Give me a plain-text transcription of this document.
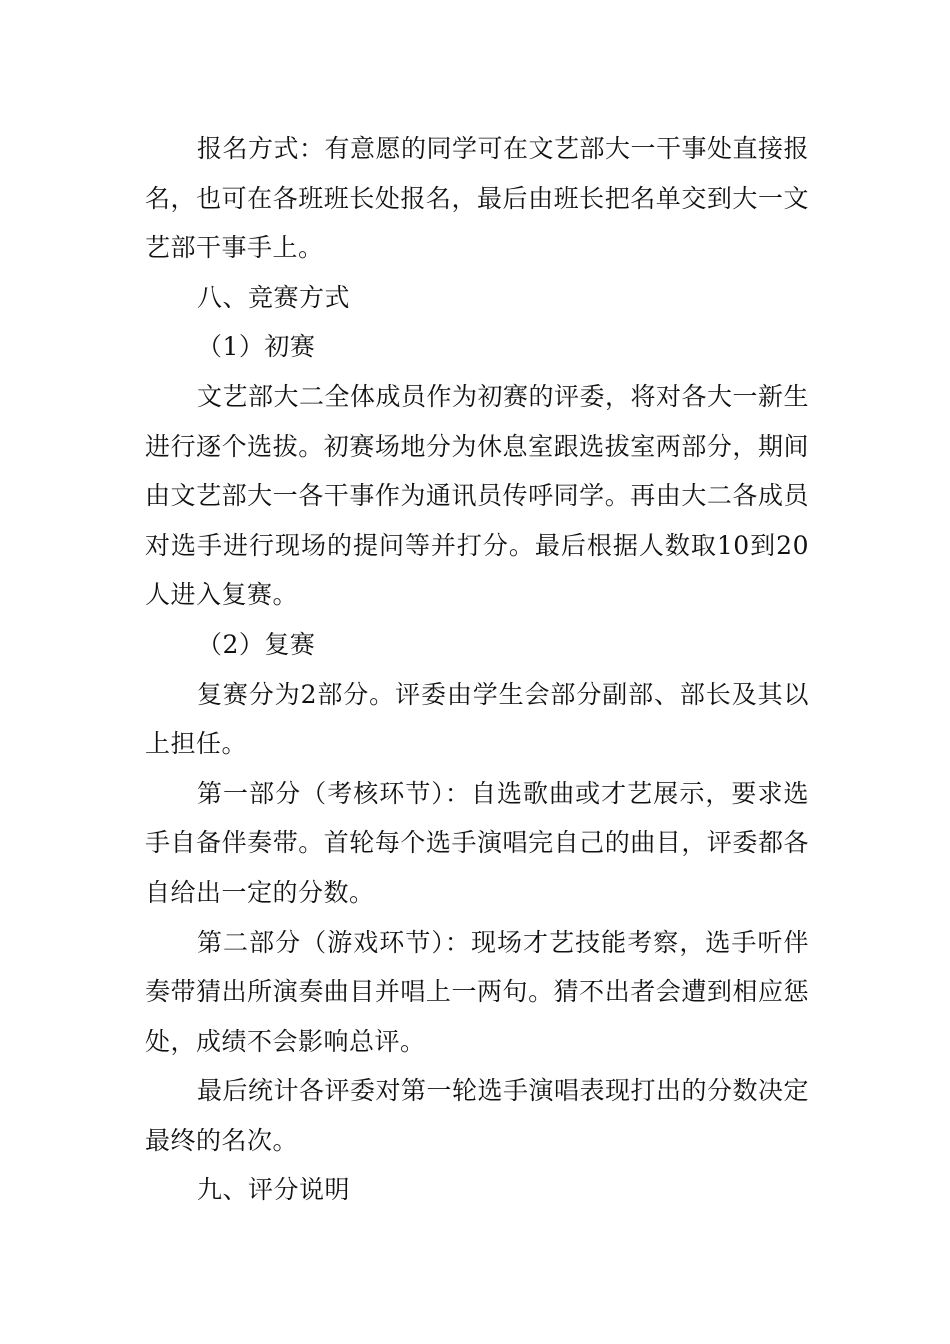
报名方式：有意愿的同学可在文艺部大一干事处直接报名，也可在各班班长处报名，最后由班长把名单交到大一文艺部干事手上。

八、竞赛方式

（1）初赛

文艺部大二全体成员作为初赛的评委，将对各大一新生进行逐个选拔。初赛场地分为休息室跟选拔室两部分，期间由文艺部大一各干事作为通讯员传呼同学。再由大二各成员对选手进行现场的提问等并打分。最后根据人数取10到20人进入复赛。

（2）复赛

复赛分为2部分。评委由学生会部分副部、部长及其以上担任。

第一部分（考核环节）：自选歌曲或才艺展示，要求选手自备伴奏带。首轮每个选手演唱完自己的曲目，评委都各自给出一定的分数。

第二部分（游戏环节）：现场才艺技能考察，选手听伴奏带猜出所演奏曲目并唱上一两句。猜不出者会遭到相应惩处，成绩不会影响总评。

最后统计各评委对第一轮选手演唱表现打出的分数决定最终的名次。

九、评分说明
